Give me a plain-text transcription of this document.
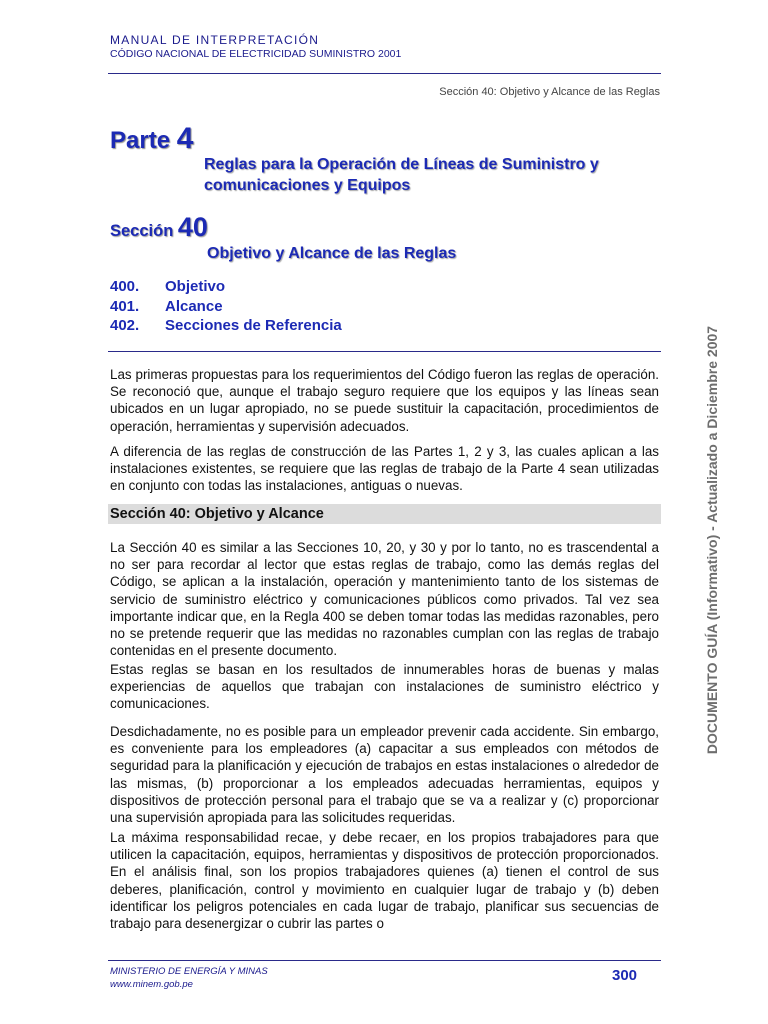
MANUAL DE INTERPRETACIÓN
CÓDIGO NACIONAL DE ELECTRICIDAD SUMINISTRO 2001
Sección 40: Objetivo y Alcance de las Reglas
Parte 4
Reglas para la Operación de Líneas de Suministro y comunicaciones y Equipos
Sección 40
Objetivo y Alcance de las Reglas
400. Objetivo
401. Alcance
402. Secciones de Referencia
Las primeras propuestas para los requerimientos del Código fueron las reglas de operación. Se reconoció que, aunque el trabajo seguro requiere que los equipos y las líneas sean ubicados en un lugar apropiado, no se puede sustituir la capacitación, procedimientos de operación, herramientas y supervisión adecuados.
A diferencia de las reglas de construcción de las Partes 1, 2 y 3, las cuales aplican a las instalaciones existentes, se requiere que las reglas de trabajo de la Parte 4 sean utilizadas en conjunto con todas las instalaciones, antiguas o nuevas.
Sección 40: Objetivo y Alcance
La Sección 40 es similar a las Secciones 10, 20, y 30 y por lo tanto, no es trascendental a no ser para recordar al lector que estas reglas de trabajo, como las demás reglas del Código, se aplican a la instalación, operación y mantenimiento tanto de los sistemas de servicio de suministro eléctrico y comunicaciones públicos como privados. Tal vez sea importante indicar que, en la Regla 400 se deben tomar todas las medidas razonables, pero no se pretende requerir que las medidas no razonables cumplan con las reglas de trabajo contenidas en el presente documento.
Estas reglas se basan en los resultados de innumerables horas de buenas y malas experiencias de aquellos que trabajan con instalaciones de suministro eléctrico y comunicaciones.
Desdichadamente, no es posible para un empleador prevenir cada accidente. Sin embargo, es conveniente para los empleadores (a) capacitar a sus empleados con métodos de seguridad para la planificación y ejecución de trabajos en estas instalaciones o alrededor de las mismas, (b) proporcionar a los empleados adecuadas herramientas, equipos y dispositivos de protección personal para el trabajo que se va a realizar y (c) proporcionar una supervisión apropiada para las solicitudes requeridas.
La máxima responsabilidad recae, y debe recaer, en los propios trabajadores para que utilicen la capacitación, equipos, herramientas y dispositivos de protección proporcionados. En el análisis final, son los propios trabajadores quienes (a) tienen el control de sus deberes, planificación, control y movimiento en cualquier lugar de trabajo y (b) deben identificar los peligros potenciales en cada lugar de trabajo, planificar sus secuencias de trabajo para desenergizar o cubrir las partes o
DOCUMENTO GUÍA (Informativo) - Actualizado a Diciembre 2007
MINISTERIO DE ENERGÍA Y MINAS
www.minem.gob.pe
300
